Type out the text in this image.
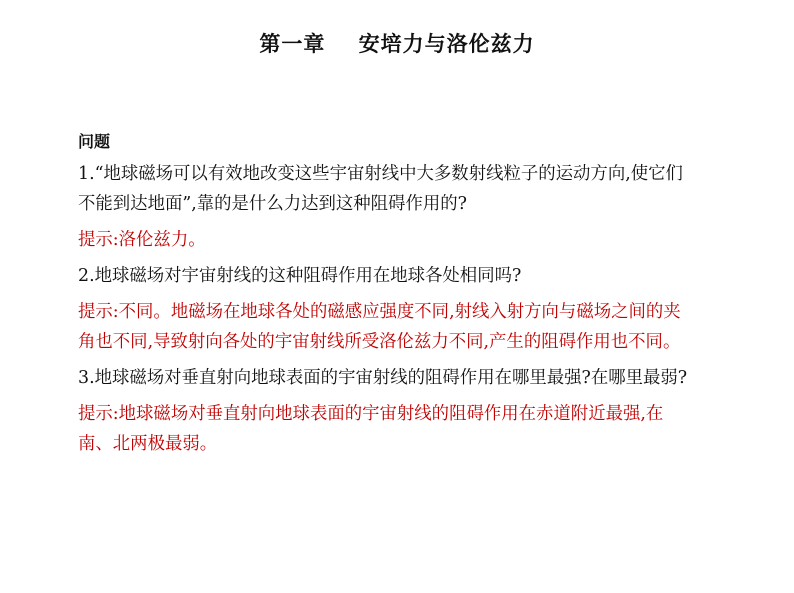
第一章    安培力与洛伦兹力
问题
1.“地球磁场可以有效地改变这些宇宙射线中大多数射线粒子的运动方向,使它们
不能到达地面”,靠的是什么力达到这种阻碍作用的?
提示:洛伦兹力。
2.地球磁场对宇宙射线的这种阻碍作用在地球各处相同吗?
提示:不同。地磁场在地球各处的磁感应强度不同,射线入射方向与磁场之间的夹
角也不同,导致射向各处的宇宙射线所受洛伦兹力不同,产生的阻碍作用也不同。
3.地球磁场对垂直射向地球表面的宇宙射线的阻碍作用在哪里最强?在哪里最弱?
提示:地球磁场对垂直射向地球表面的宇宙射线的阻碍作用在赤道附近最强,在
南、北两极最弱。
